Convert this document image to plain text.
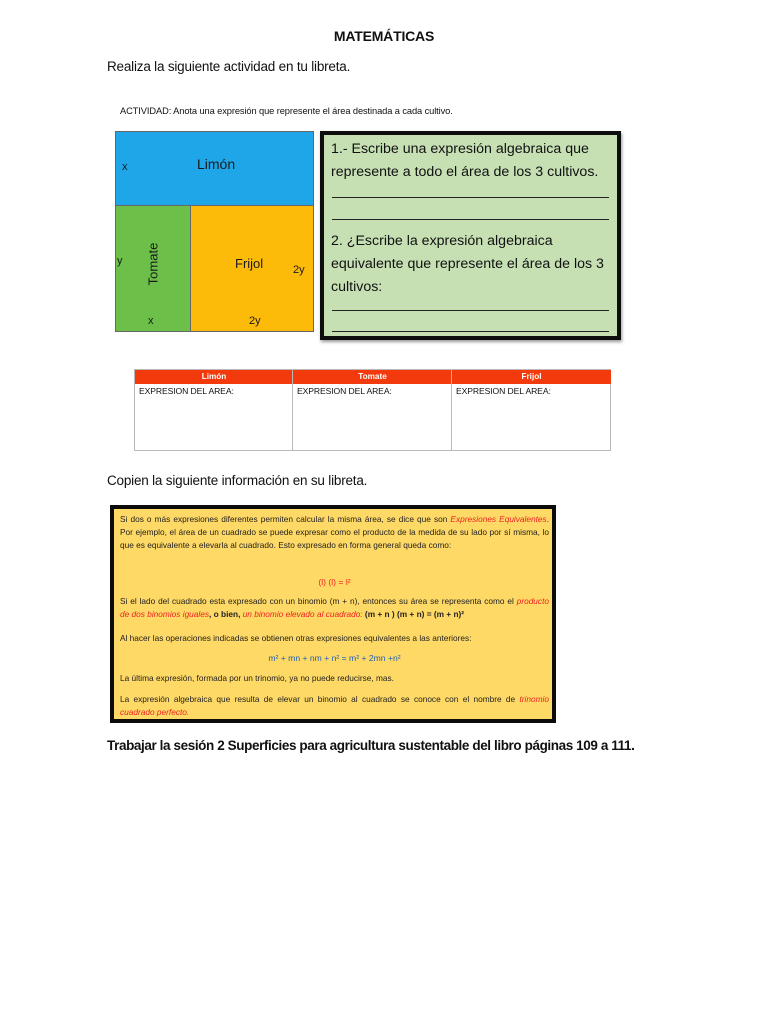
MATEMÁTICAS
Realiza la siguiente actividad en tu libreta.
ACTIVIDAD: Anota una expresión que represente el área destinada a cada cultivo.
Limón
x
Tomate
y
x
Frijol	2y
2y
1.- Escribe una expresión algebraica que represente a todo el área de los 3 cultivos.
2. ¿Escribe la expresión algebraica equivalente que represente el área de los 3 cultivos:
Limón	Tomate	Frijol
EXPRESION DEL AREA:	EXPRESION DEL AREA:	EXPRESION DEL AREA:
Copien la siguiente información en su libreta.
Si dos o más expresiones diferentes permiten calcular la misma área, se dice que son Expresiones Equivalentes. Por ejemplo, el área de un cuadrado se puede expresar como el producto de la medida de su lado por sí misma, lo que es equivalente a elevarla al cuadrado. Esto expresado en forma general queda como:
(l) (l) = l²
Si el lado del cuadrado esta expresado con un binomio (m + n), entonces su área se representa como el producto de dos binomios iguales, o bien, un binomio elevado al cuadrado: (m + n ) (m + n) = (m + n)²
Al hacer las operaciones indicadas se obtienen otras expresiones equivalentes a las anteriores:
m² + mn + nm + n² = m² + 2mn +n²
La última expresión, formada por un trinomio, ya no puede reducirse, mas.
La expresión algebraica que resulta de elevar un binomio al cuadrado se conoce con el nombre de trinomio cuadrado perfecto.
Trabajar la sesión 2 Superficies para agricultura sustentable del libro páginas 109 a 111.
